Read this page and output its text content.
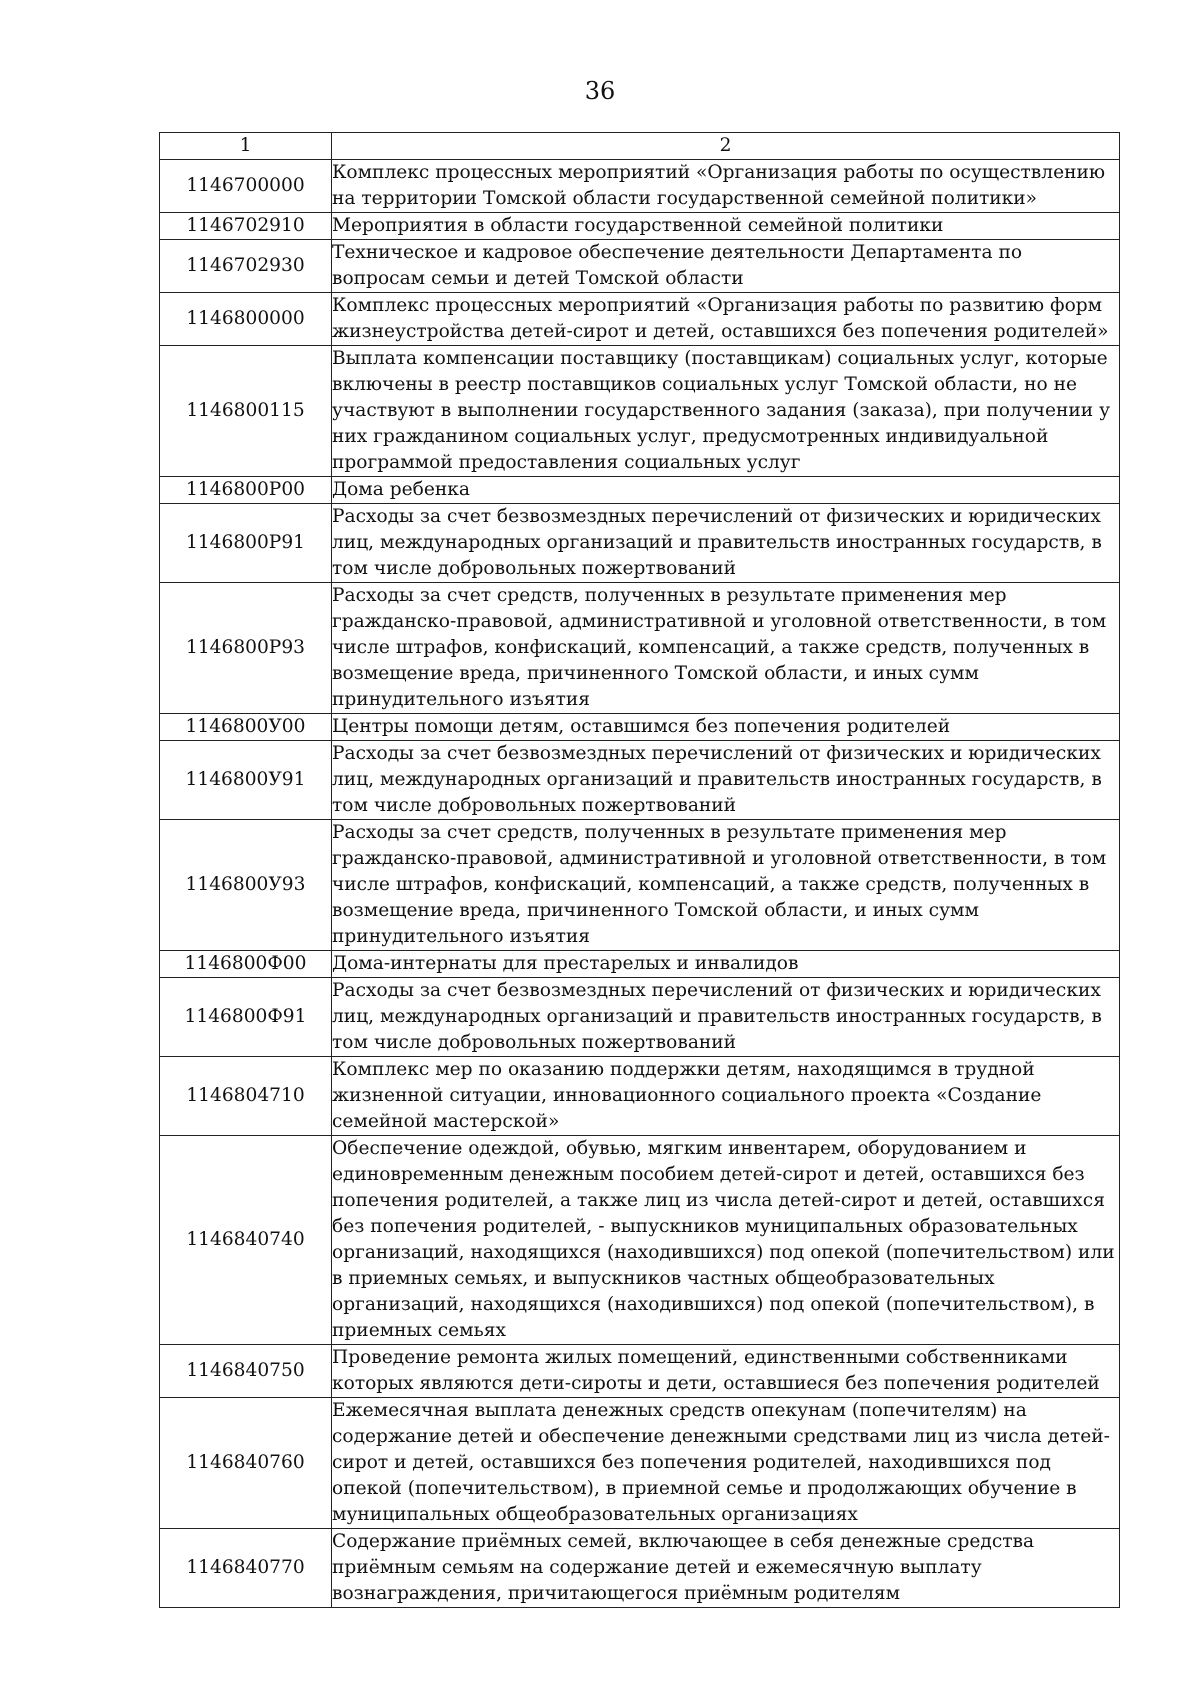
36
1	2
1146700000	Комплекс процессных мероприятий «Организация работы по осуществлению на территории Томской области государственной семейной политики»
1146702910	Мероприятия в области государственной семейной политики
1146702930	Техническое и кадровое обеспечение деятельности Департамента по вопросам семьи и детей Томской области
1146800000	Комплекс процессных мероприятий «Организация работы по развитию форм жизнеустройства детей-сирот и детей, оставшихся без попечения родителей»
1146800115	Выплата компенсации поставщику (поставщикам) социальных услуг, которые включены в реестр поставщиков социальных услуг Томской области, но не участвуют в выполнении государственного задания (заказа), при получении у них гражданином социальных услуг, предусмотренных индивидуальной программой предоставления социальных услуг
1146800Р00	Дома ребенка
1146800Р91	Расходы за счет безвозмездных перечислений от физических и юридических лиц, международных организаций и правительств иностранных государств, в том числе добровольных пожертвований
1146800Р93	Расходы за счет средств, полученных в результате применения мер гражданско-правовой, административной и уголовной ответственности, в том числе штрафов, конфискаций, компенсаций, а также средств, полученных в возмещение вреда, причиненного Томской области, и иных сумм принудительного изъятия
1146800У00	Центры помощи детям, оставшимся без попечения родителей
1146800У91	Расходы за счет безвозмездных перечислений от физических и юридических лиц, международных организаций и правительств иностранных государств, в том числе добровольных пожертвований
1146800У93	Расходы за счет средств, полученных в результате применения мер гражданско-правовой, административной и уголовной ответственности, в том числе штрафов, конфискаций, компенсаций, а также средств, полученных в возмещение вреда, причиненного Томской области, и иных сумм принудительного изъятия
1146800Ф00	Дома-интернаты для престарелых и инвалидов
1146800Ф91	Расходы за счет безвозмездных перечислений от физических и юридических лиц, международных организаций и правительств иностранных государств, в том числе добровольных пожертвований
1146804710	Комплекс мер по оказанию поддержки детям, находящимся в трудной жизненной ситуации, инновационного социального проекта «Создание семейной мастерской»
1146840740	Обеспечение одеждой, обувью, мягким инвентарем, оборудованием и единовременным денежным пособием детей-сирот и детей, оставшихся без попечения родителей, а также лиц из числа детей-сирот и детей, оставшихся без попечения родителей, - выпускников муниципальных образовательных организаций, находящихся (находившихся) под опекой (попечительством) или в приемных семьях, и выпускников частных общеобразовательных организаций, находящихся (находившихся) под опекой (попечительством), в приемных семьях
1146840750	Проведение ремонта жилых помещений, единственными собственниками которых являются дети-сироты и дети, оставшиеся без попечения родителей
1146840760	Ежемесячная выплата денежных средств опекунам (попечителям) на содержание детей и обеспечение денежными средствами лиц из числа детей-сирот и детей, оставшихся без попечения родителей, находившихся под опекой (попечительством), в приемной семье и продолжающих обучение в муниципальных общеобразовательных организациях
1146840770	Содержание приёмных семей, включающее в себя денежные средства приёмным семьям на содержание детей и ежемесячную выплату вознаграждения, причитающегося приёмным родителям
